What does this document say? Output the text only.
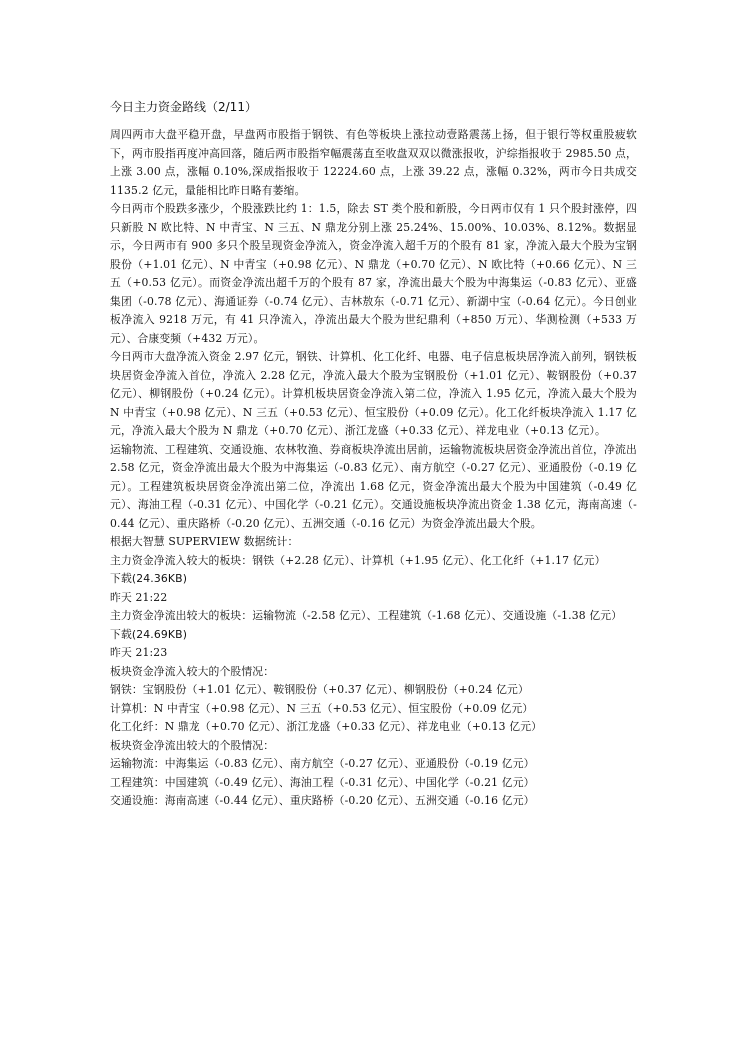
今日主力资金路线（2/11）

周四两市大盘平稳开盘，早盘两市股指于钢铁、有色等板块上涨拉动壹路震荡上扬，但于银行等权重股疲软下，两市股指再度冲高回落，随后两市股指窄幅震荡直至收盘双双以微涨报收，沪综指报收于 2985.50 点，上涨 3.00 点，涨幅 0.10%,深成指报收于 12224.60 点，上涨 39.22 点，涨幅 0.32%，两市今日共成交 1135.2 亿元，量能相比昨日略有萎缩。

今日两市个股跌多涨少，个股涨跌比约 1：1.5，除去 ST 类个股和新股，今日两市仅有 1 只个股封涨停，四只新股 N 欧比特、N 中青宝、N 三五、N 鼎龙分别上涨 25.24%、15.00%、10.03%、8.12%。数据显示，今日两市有 900 多只个股呈现资金净流入，资金净流入超千万的个股有 81 家，净流入最大个股为宝钢股份（+1.01 亿元）、N 中青宝（+0.98 亿元）、N 鼎龙（+0.70 亿元）、N 欧比特（+0.66 亿元）、N 三五（+0.53 亿元）。而资金净流出超千万的个股有 87 家，净流出最大个股为中海集运（-0.83 亿元）、亚盛集团（-0.78 亿元）、海通证券（-0.74 亿元）、吉林敖东（-0.71 亿元）、新湖中宝（-0.64 亿元）。今日创业板净流入 9218 万元，有 41 只净流入，净流出最大个股为世纪鼎利（+850 万元）、华测检测（+533 万元）、合康变频（+432 万元）。

今日两市大盘净流入资金 2.97 亿元，钢铁、计算机、化工化纤、电器、电子信息板块居净流入前列，钢铁板块居资金净流入首位，净流入 2.28 亿元，净流入最大个股为宝钢股份（+1.01 亿元）、鞍钢股份（+0.37 亿元）、柳钢股份（+0.24 亿元）。计算机板块居资金净流入第二位，净流入 1.95 亿元，净流入最大个股为 N 中青宝（+0.98 亿元）、N 三五（+0.53 亿元）、恒宝股份（+0.09 亿元）。化工化纤板块净流入 1.17 亿元，净流入最大个股为 N 鼎龙（+0.70 亿元）、浙江龙盛（+0.33 亿元）、祥龙电业（+0.13 亿元）。

运输物流、工程建筑、交通设施、农林牧渔、券商板块净流出居前，运输物流板块居资金净流出首位，净流出 2.58 亿元，资金净流出最大个股为中海集运（-0.83 亿元）、南方航空（-0.27 亿元）、亚通股份（-0.19 亿元）。工程建筑板块居资金净流出第二位，净流出 1.68 亿元，资金净流出最大个股为中国建筑（-0.49 亿元）、海油工程（-0.31 亿元）、中国化学（-0.21 亿元）。交通设施板块净流出资金 1.38 亿元，海南高速（-0.44 亿元）、重庆路桥（-0.20 亿元）、五洲交通（-0.16 亿元）为资金净流出最大个股。

根据大智慧 SUPERVIEW 数据统计：

主力资金净流入较大的板块：钢铁（+2.28 亿元）、计算机（+1.95 亿元）、化工化纤（+1.17 亿元）

下载(24.36KB)

昨天 21:22

主力资金净流出较大的板块：运输物流（-2.58 亿元）、工程建筑（-1.68 亿元）、交通设施（-1.38 亿元）

下载(24.69KB)

昨天 21:23

板块资金净流入较大的个股情况：

钢铁：宝钢股份（+1.01 亿元）、鞍钢股份（+0.37 亿元）、柳钢股份（+0.24 亿元）

计算机：N 中青宝（+0.98 亿元）、N 三五（+0.53 亿元）、恒宝股份（+0.09 亿元）

化工化纤：N 鼎龙（+0.70 亿元）、浙江龙盛（+0.33 亿元）、祥龙电业（+0.13 亿元）

板块资金净流出较大的个股情况：

运输物流：中海集运（-0.83 亿元）、南方航空（-0.27 亿元）、亚通股份（-0.19 亿元）

工程建筑：中国建筑（-0.49 亿元）、海油工程（-0.31 亿元）、中国化学（-0.21 亿元）

交通设施：海南高速（-0.44 亿元）、重庆路桥（-0.20 亿元）、五洲交通（-0.16 亿元）
